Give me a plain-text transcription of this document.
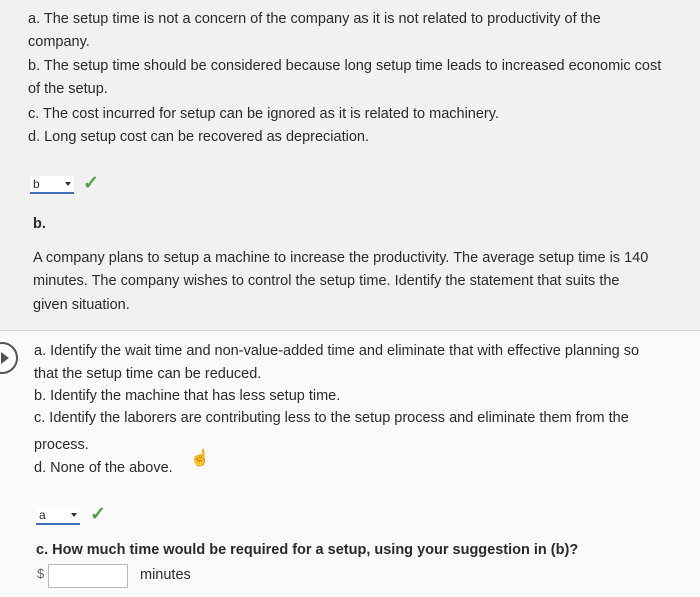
a. The setup time is not a concern of the company as it is not related to productivity of the
company.
b. The setup time should be considered because long setup time leads to increased economic cost
of the setup.
c. The cost incurred for setup can be ignored as it is related to machinery.
d. Long setup cost can be recovered as depreciation.
b ✓
b.
A company plans to setup a machine to increase the productivity. The average setup time is 140
minutes. The company wishes to control the setup time. Identify the statement that suits the
given situation.
a. Identify the wait time and non-value-added time and eliminate that with effective planning so
that the setup time can be reduced.
b. Identify the machine that has less setup time.
c. Identify the laborers are contributing less to the setup process and eliminate them from the
process.
d. None of the above.
☝
a ✓
c. How much time would be required for a setup, using your suggestion in (b)?
$	minutes
